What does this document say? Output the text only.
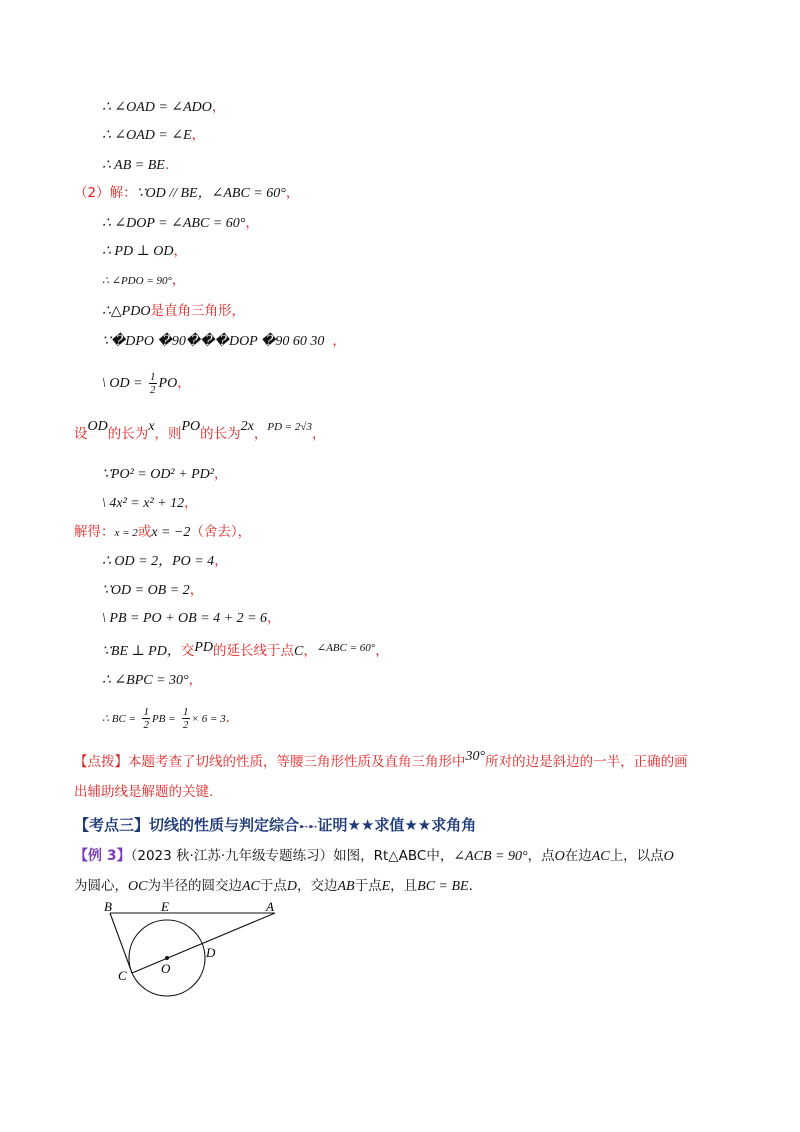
∴ ∠OAD = ∠ADO，
∴ ∠OAD = ∠E，
∴ AB = BE.
（2）解：∵OD // BE，∠ABC = 60°，
∴ ∠DOP = ∠ABC = 60°，
∴ PD ⊥ OD，
∴ ∠PDO = 90°，
∴△PDO是直角三角形，
∵�DPO �90���DOP �90 60 30 ，
\ OD = $\frac{1}{2}$ PO，
设OD的长为x，则PO的长为2x，$^{PD = 2√3}$，
∵PO² = OD² + PD²，
\ 4x² = x² + 12，
解得：x = 2或x = −2（舍去），
∴ OD = 2，PO = 4，
∵OD = OB = 2，
\ PB = PO + OB = 4 + 2 = 6，
∵BE ⊥ PD，交PD的延长线于点C，$^{\angle ABC = 60^\circ}$，
∴ ∠BPC = 30°，
∴ BC = $\frac{1}{2}$ PB = $\frac{1}{2} \times 6 = 3$.
【点拨】本题考查了切线的性质，等腰三角形性质及直角三角形中30°所对的边是斜边的一半，正确的画
出辅助线是解题的关键.
【考点三】切线的性质与判定综合➸➸证明★★求值★★求角角
【例 3】（2023 秋·江苏·九年级专题练习）如图，Rt△ABC中，∠ACB = 90°，点O在边AC上，以点O
为圆心，OC为半径的圆交边AC于点D，交边AB于点E，且BC = BE.
B	E	A
D
C	O
